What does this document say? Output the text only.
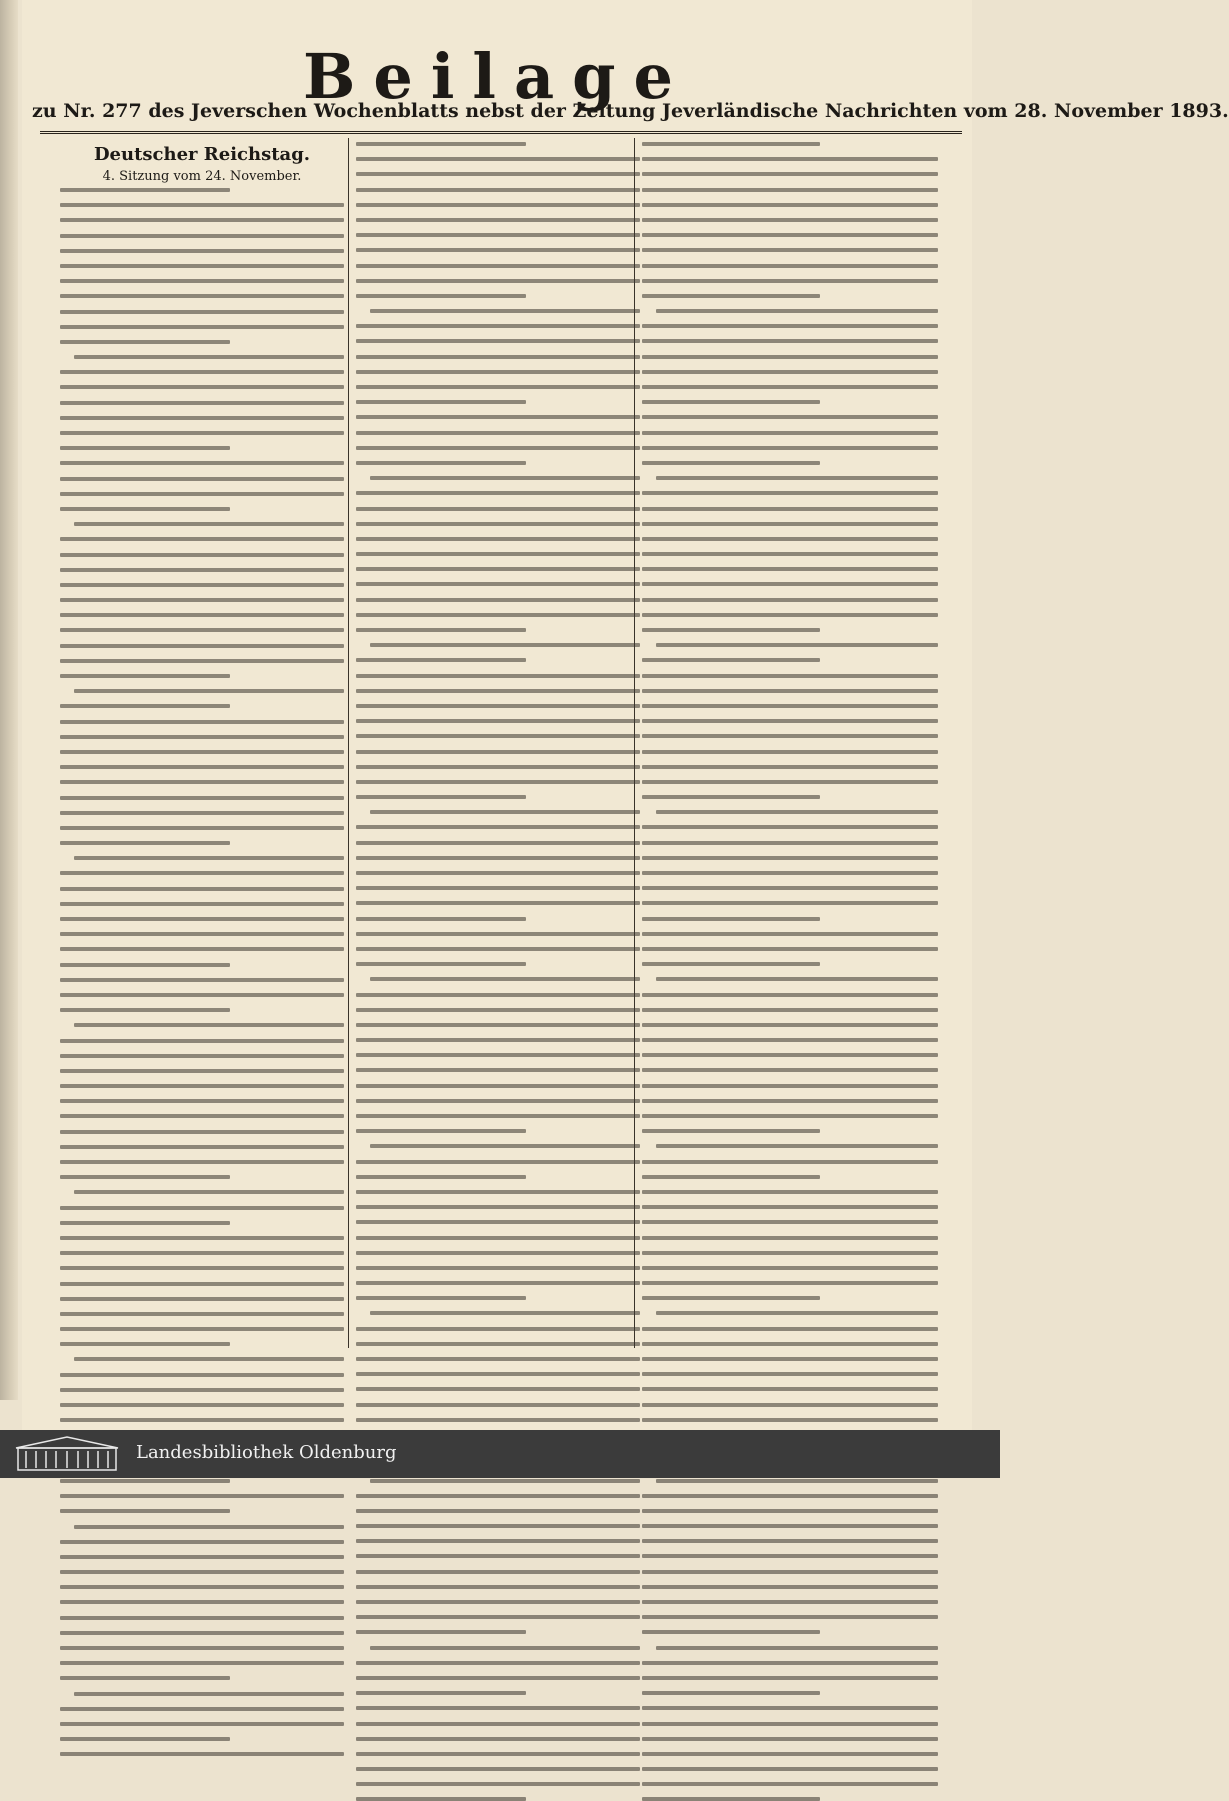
Beilage
zu Nr. 277 des Jeverschen Wochenblatts nebst der Zeitung Jeverländische Nachrichten vom 28. November 1893.
Deutscher Reichstag.
4. Sitzung vom 24. November.
Landesbibliothek Oldenburg
